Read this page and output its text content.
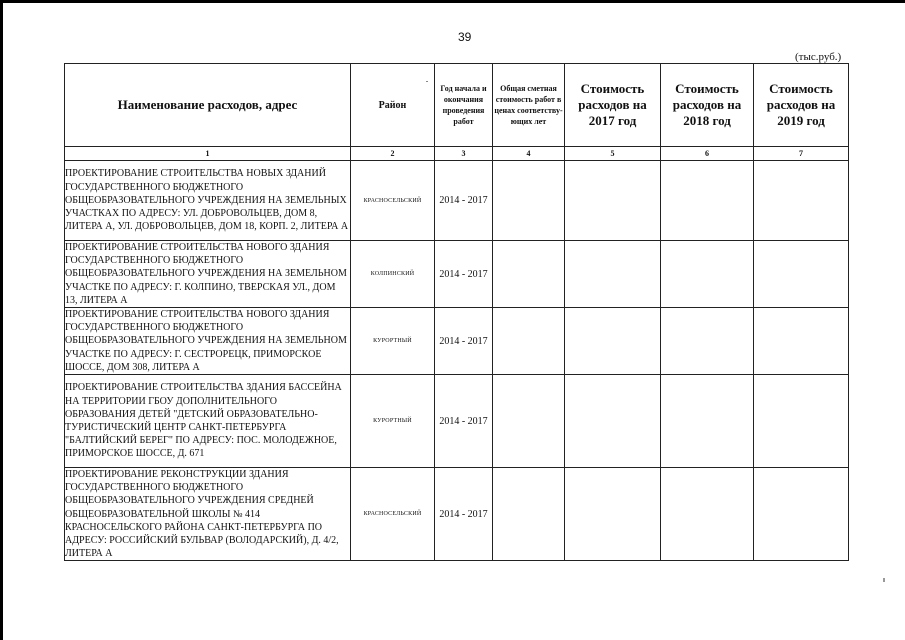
39
(тыс.руб.)
Наименование расходов, адрес	Район	Год начала и окончания проведения работ	Общая сметная стоимость работ в ценах соответству-ющих лет	Стоимость расходов на 2017 год	Стоимость расходов на 2018 год	Стоимость расходов на 2019 год
1	2	3	4	5	6	7
ПРОЕКТИРОВАНИЕ СТРОИТЕЛЬСТВА НОВЫХ ЗДАНИЙ ГОСУДАРСТВЕННОГО БЮДЖЕТНОГО ОБЩЕОБРАЗОВАТЕЛЬНОГО УЧРЕЖДЕНИЯ НА ЗЕМЕЛЬНЫХ УЧАСТКАХ ПО АДРЕСУ: УЛ. ДОБРОВОЛЬЦЕВ, ДОМ 8, ЛИТЕРА А, УЛ. ДОБРОВОЛЬЦЕВ, ДОМ 18, КОРП. 2, ЛИТЕРА А	КРАСНОСЕЛЬСКИЙ	2014 - 2017				
ПРОЕКТИРОВАНИЕ СТРОИТЕЛЬСТВА НОВОГО ЗДАНИЯ ГОСУДАРСТВЕННОГО БЮДЖЕТНОГО ОБЩЕОБРАЗОВАТЕЛЬНОГО УЧРЕЖДЕНИЯ НА ЗЕМЕЛЬНОМ УЧАСТКЕ ПО АДРЕСУ: Г. КОЛПИНО, ТВЕРСКАЯ УЛ., ДОМ 13, ЛИТЕРА А	КОЛПИНСКИЙ	2014 - 2017				
ПРОЕКТИРОВАНИЕ СТРОИТЕЛЬСТВА НОВОГО ЗДАНИЯ ГОСУДАРСТВЕННОГО БЮДЖЕТНОГО ОБЩЕОБРАЗОВАТЕЛЬНОГО УЧРЕЖДЕНИЯ НА ЗЕМЕЛЬНОМ УЧАСТКЕ ПО АДРЕСУ: Г. СЕСТРОРЕЦК, ПРИМОРСКОЕ ШОССЕ, ДОМ 308, ЛИТЕРА А	КУРОРТНЫЙ	2014 - 2017				
ПРОЕКТИРОВАНИЕ СТРОИТЕЛЬСТВА ЗДАНИЯ БАССЕЙНА НА ТЕРРИТОРИИ ГБОУ ДОПОЛНИТЕЛЬНОГО ОБРАЗОВАНИЯ ДЕТЕЙ "ДЕТСКИЙ ОБРАЗОВАТЕЛЬНО-ТУРИСТИЧЕСКИЙ ЦЕНТР САНКТ-ПЕТЕРБУРГА "БАЛТИЙСКИЙ БЕРЕГ" ПО АДРЕСУ: ПОС. МОЛОДЕЖНОЕ, ПРИМОРСКОЕ ШОССЕ, Д. 671	КУРОРТНЫЙ	2014 - 2017				
ПРОЕКТИРОВАНИЕ РЕКОНСТРУКЦИИ ЗДАНИЯ ГОСУДАРСТВЕННОГО БЮДЖЕТНОГО ОБЩЕОБРАЗОВАТЕЛЬНОГО УЧРЕЖДЕНИЯ СРЕДНЕЙ ОБЩЕОБРАЗОВАТЕЛЬНОЙ ШКОЛЫ № 414 КРАСНОСЕЛЬСКОГО РАЙОНА САНКТ-ПЕТЕРБУРГА ПО АДРЕСУ: РОССИЙСКИЙ БУЛЬВАР (ВОЛОДАРСКИЙ), Д. 4/2, ЛИТЕРА А	КРАСНОСЕЛЬСКИЙ	2014 - 2017				
